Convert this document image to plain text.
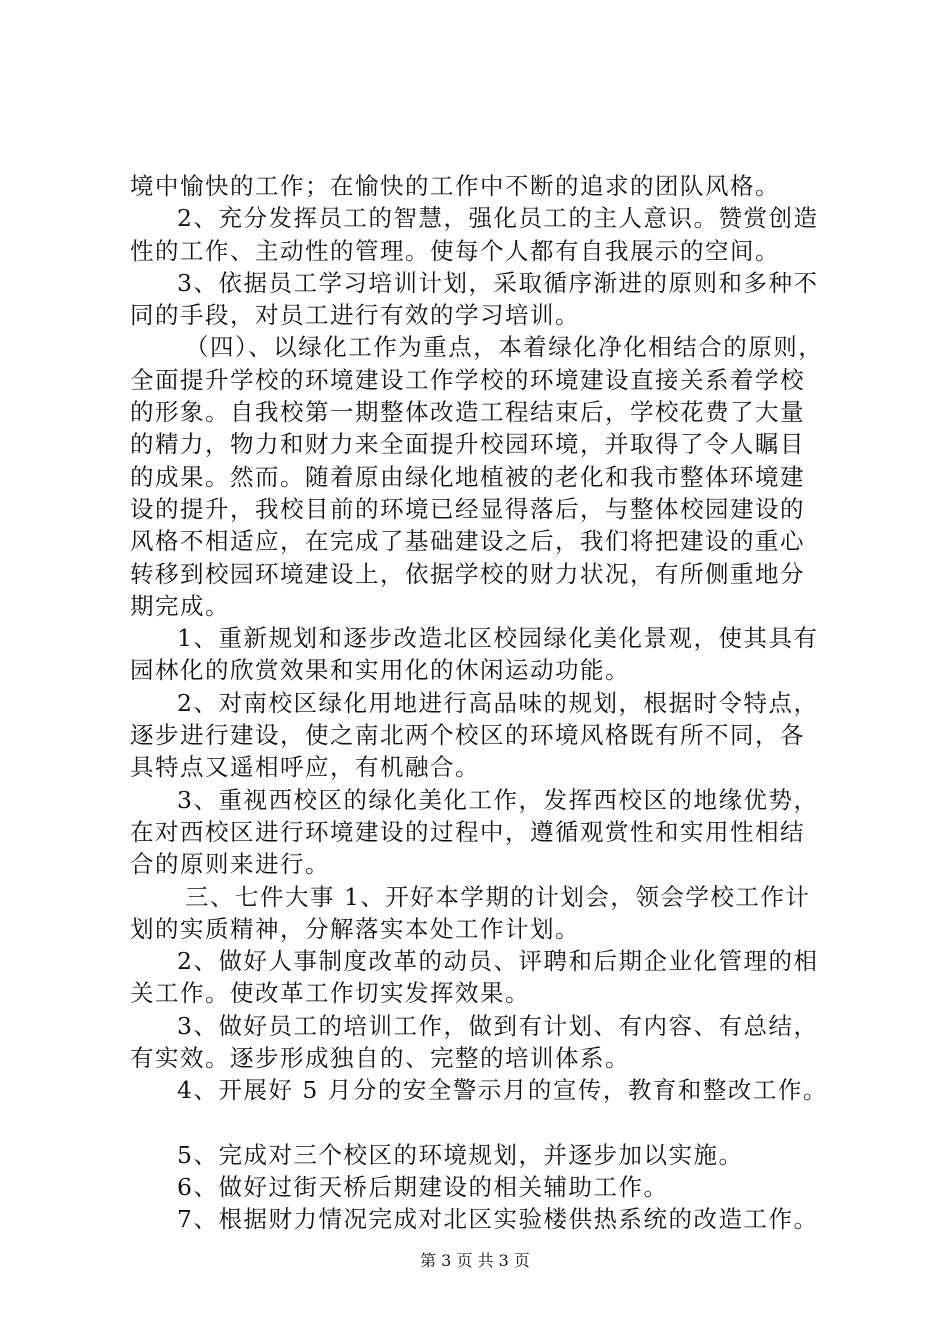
境中愉快的工作；在愉快的工作中不断的追求的团队风格。
2、充分发挥员工的智慧，强化员工的主人意识。赞赏创造
性的工作、主动性的管理。使每个人都有自我展示的空间。
3、依据员工学习培训计划，采取循序渐进的原则和多种不
同的手段，对员工进行有效的学习培训。
（四）、以绿化工作为重点，本着绿化净化相结合的原则，
全面提升学校的环境建设工作学校的环境建设直接关系着学校
的形象。自我校第一期整体改造工程结束后，学校花费了大量
的精力，物力和财力来全面提升校园环境，并取得了令人瞩目
的成果。然而。随着原由绿化地植被的老化和我市整体环境建
设的提升，我校目前的环境已经显得落后，与整体校园建设的
风格不相适应，在完成了基础建设之后，我们将把建设的重心
转移到校园环境建设上，依据学校的财力状况，有所侧重地分
期完成。
1、重新规划和逐步改造北区校园绿化美化景观，使其具有
园林化的欣赏效果和实用化的休闲运动功能。
2、对南校区绿化用地进行高品味的规划，根据时令特点，
逐步进行建设，使之南北两个校区的环境风格既有所不同，各
具特点又遥相呼应，有机融合。
3、重视西校区的绿化美化工作，发挥西校区的地缘优势，
在对西校区进行环境建设的过程中，遵循观赏性和实用性相结
合的原则来进行。
三、七件大事 1、开好本学期的计划会，领会学校工作计
划的实质精神，分解落实本处工作计划。
2、做好人事制度改革的动员、评聘和后期企业化管理的相
关工作。使改革工作切实发挥效果。
3、做好员工的培训工作，做到有计划、有内容、有总结，
有实效。逐步形成独自的、完整的培训体系。
4、开展好 5 月分的安全警示月的宣传，教育和整改工作。
5、完成对三个校区的环境规划，并逐步加以实施。
6、做好过街天桥后期建设的相关辅助工作。
7、根据财力情况完成对北区实验楼供热系统的改造工作。
第 3 页 共 3 页
